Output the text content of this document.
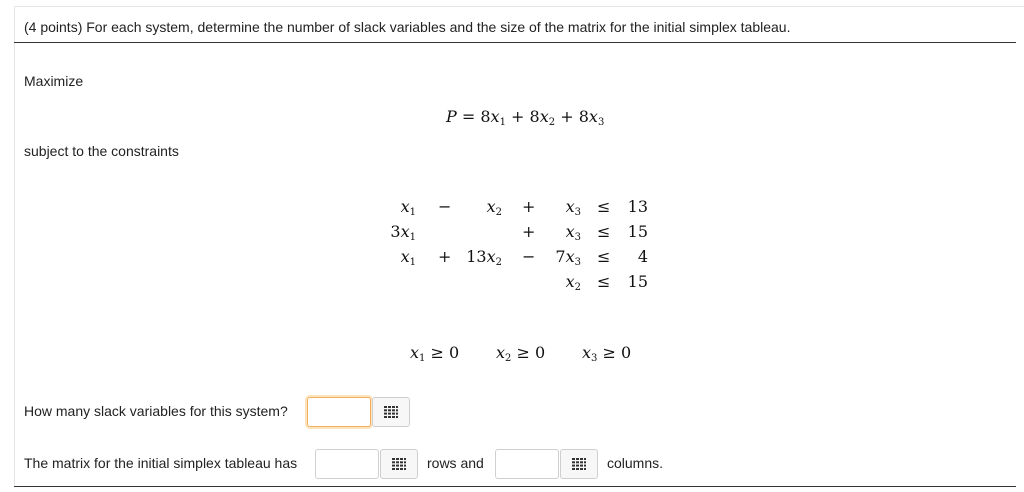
(4 points) For each system, determine the number of slack variables and the size of the matrix for the initial simplex tableau.
Maximize
$P = 8x_1 + 8x_2 + 8x_3$
subject to the constraints
$x_1 - x_2 + x_3 \le 13$
$3x_1$	+ $x_3 \le 15$
$x_1 + 13x_2 - 7x_3 \le 4$
$x_2 \le 15$
$x_1 \ge 0$ $x_2 \ge 0$ $x_3 \ge 0$
How many slack variables for this system?
The matrix for the initial simplex tableau has	rows and	columns.
